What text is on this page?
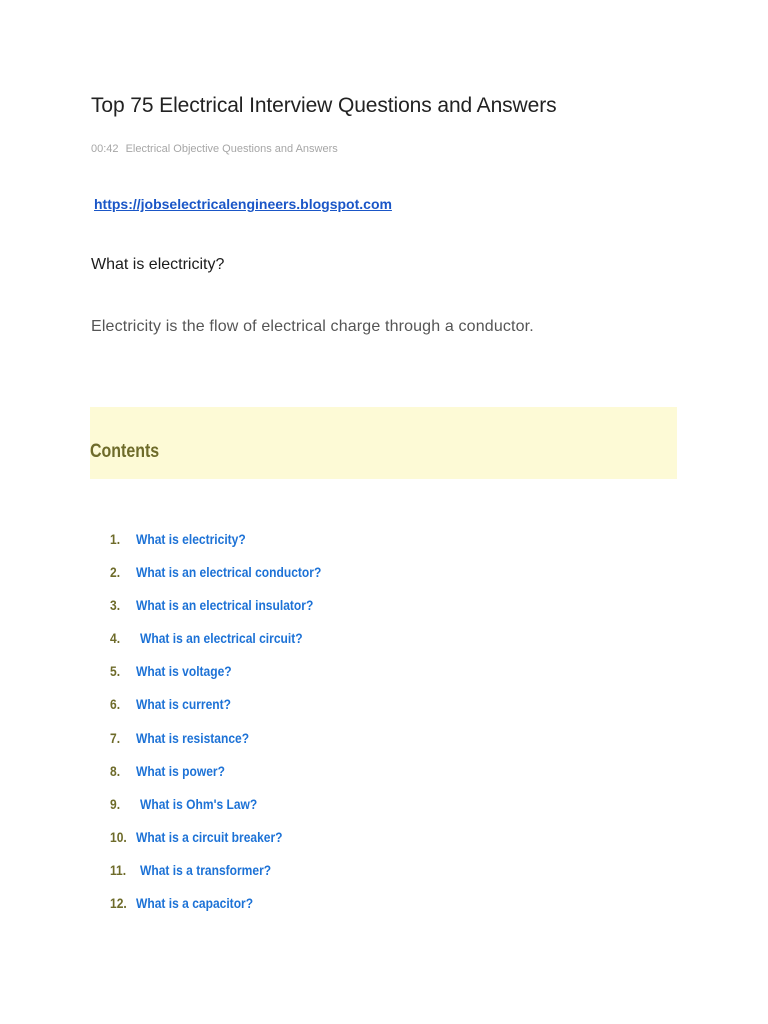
Top 75 Electrical Interview Questions and Answers
00:42 Electrical Objective Questions and Answers
https://jobselectricalengineers.blogspot.com
What is electricity?

Electricity is the flow of electrical charge through a conductor.

Contents
1. What is electricity?
2. What is an electrical conductor?
3. What is an electrical insulator?
4. What is an electrical circuit?
5. What is voltage?
6. What is current?
7. What is resistance?
8. What is power?
9. What is Ohm's Law?
10. What is a circuit breaker?
11. What is a transformer?
12. What is a capacitor?
